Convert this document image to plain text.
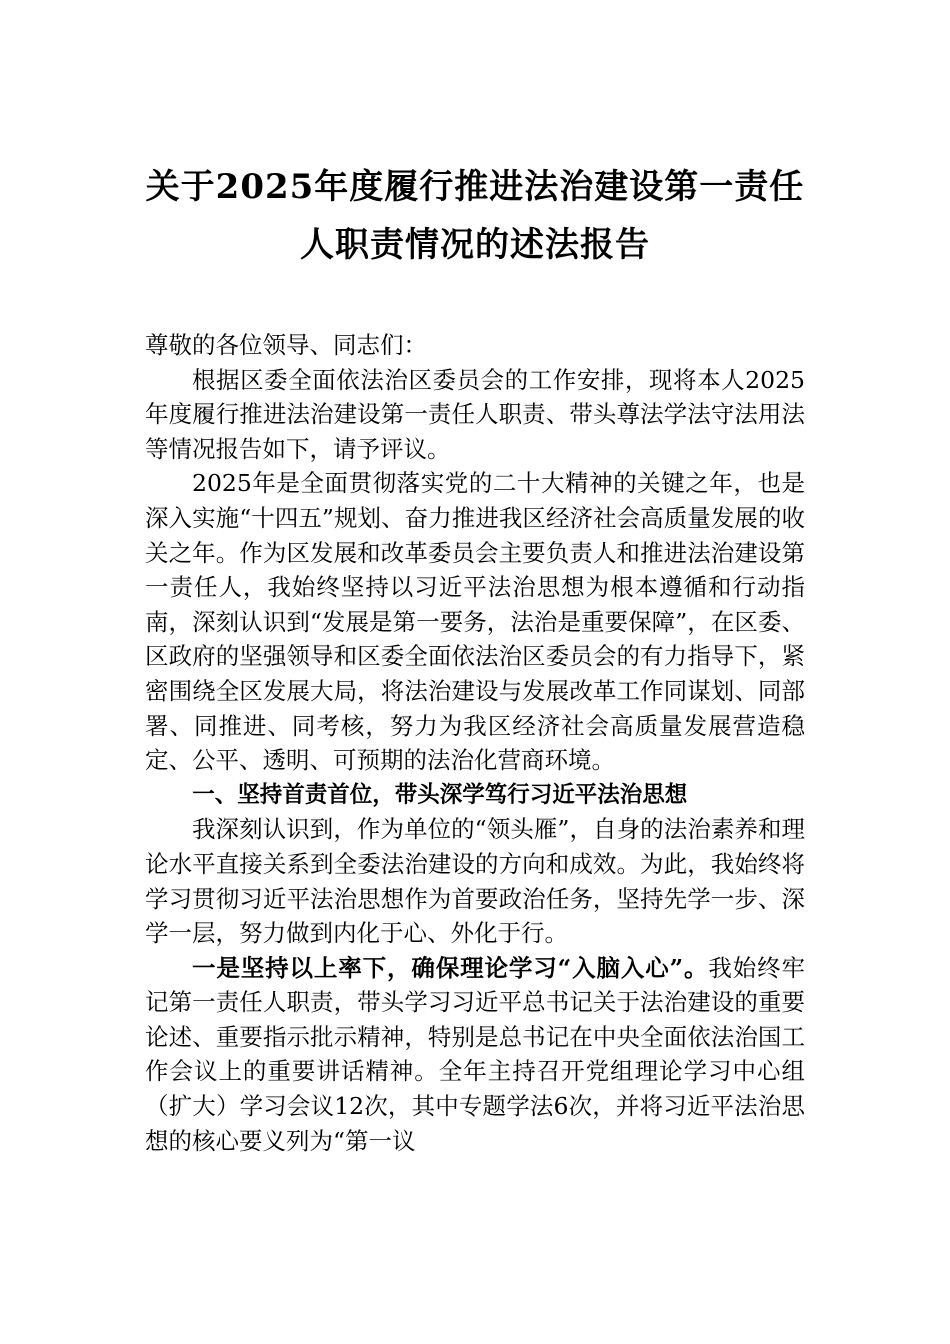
关于2025年度履行推进法治建设第一责任
人职责情况的述法报告

尊敬的各位领导、同志们：

根据区委全面依法治区委员会的工作安排，现将本人2025年度履行推进法治建设第一责任人职责、带头尊法学法守法用法等情况报告如下，请予评议。

2025年是全面贯彻落实党的二十大精神的关键之年，也是深入实施“十四五”规划、奋力推进我区经济社会高质量发展的收关之年。作为区发展和改革委员会主要负责人和推进法治建设第一责任人，我始终坚持以习近平法治思想为根本遵循和行动指南，深刻认识到“发展是第一要务，法治是重要保障”，在区委、区政府的坚强领导和区委全面依法治区委员会的有力指导下，紧密围绕全区发展大局，将法治建设与发展改革工作同谋划、同部署、同推进、同考核，努力为我区经济社会高质量发展营造稳定、公平、透明、可预期的法治化营商环境。

一、坚持首责首位，带头深学笃行习近平法治思想

我深刻认识到，作为单位的“领头雁”，自身的法治素养和理论水平直接关系到全委法治建设的方向和成效。为此，我始终将学习贯彻习近平法治思想作为首要政治任务，坚持先学一步、深学一层，努力做到内化于心、外化于行。

一是坚持以上率下，确保理论学习“入脑入心”。我始终牢记第一责任人职责，带头学习习近平总书记关于法治建设的重要论述、重要指示批示精神，特别是总书记在中央全面依法治国工作会议上的重要讲话精神。全年主持召开党组理论学习中心组（扩大）学习会议12次，其中专题学法6次，并将习近平法治思想的核心要义列为“第一议
